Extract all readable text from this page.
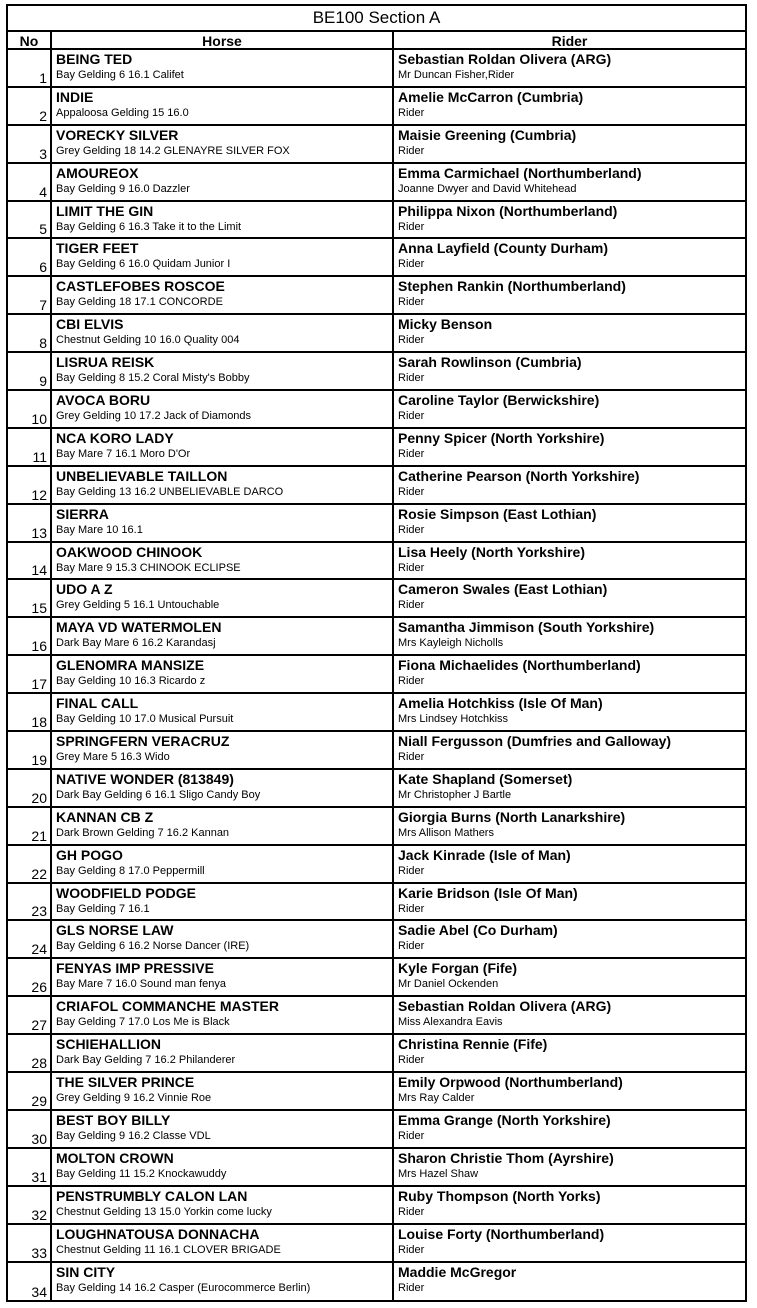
BE100 Section A
No	Horse	Rider
1
BEING TED
Bay Gelding 6 16.1 Califet
Sebastian Roldan Olivera (ARG)
Mr Duncan Fisher,Rider
2
INDIE
Appaloosa Gelding 15 16.0
Amelie McCarron (Cumbria)
Rider
3
VORECKY SILVER
Grey Gelding 18 14.2 GLENAYRE SILVER FOX
Maisie Greening (Cumbria)
Rider
4
AMOUREOX
Bay Gelding 9 16.0 Dazzler
Emma Carmichael (Northumberland)
Joanne Dwyer and David Whitehead
5
LIMIT THE GIN
Bay Gelding 6 16.3 Take it to the Limit
Philippa Nixon (Northumberland)
Rider
6
TIGER FEET
Bay Gelding 6 16.0 Quidam Junior I
Anna Layfield (County Durham)
Rider
7
CASTLEFOBES ROSCOE
Bay Gelding 18 17.1 CONCORDE
Stephen Rankin (Northumberland)
Rider
8
CBI ELVIS
Chestnut Gelding 10 16.0 Quality 004
Micky Benson
Rider
9
LISRUA REISK
Bay Gelding 8 15.2 Coral Misty's Bobby
Sarah Rowlinson (Cumbria)
Rider
10
AVOCA BORU
Grey Gelding 10 17.2 Jack of Diamonds
Caroline Taylor (Berwickshire)
Rider
11
NCA KORO LADY
Bay Mare 7 16.1 Moro D'Or
Penny Spicer (North Yorkshire)
Rider
12
UNBELIEVABLE TAILLON
Bay Gelding 13 16.2 UNBELIEVABLE DARCO
Catherine Pearson (North Yorkshire)
Rider
13
SIERRA
Bay Mare 10 16.1
Rosie Simpson (East Lothian)
Rider
14
OAKWOOD CHINOOK
Bay Mare 9 15.3 CHINOOK ECLIPSE
Lisa Heely (North Yorkshire)
Rider
15
UDO A Z
Grey Gelding 5 16.1 Untouchable
Cameron Swales (East Lothian)
Rider
16
MAYA VD WATERMOLEN
Dark Bay Mare 6 16.2 Karandasj
Samantha Jimmison (South Yorkshire)
Mrs Kayleigh Nicholls
17
GLENOMRA MANSIZE
Bay Gelding 10 16.3 Ricardo z
Fiona Michaelides (Northumberland)
Rider
18
FINAL CALL
Bay Gelding 10 17.0 Musical Pursuit
Amelia Hotchkiss (Isle Of Man)
Mrs Lindsey Hotchkiss
19
SPRINGFERN VERACRUZ
Grey Mare 5 16.3 Wido
Niall Fergusson (Dumfries and Galloway)
Rider
20
NATIVE WONDER (813849)
Dark Bay Gelding 6 16.1 Sligo Candy Boy
Kate Shapland (Somerset)
Mr Christopher J Bartle
21
KANNAN CB Z
Dark Brown Gelding 7 16.2 Kannan
Giorgia Burns (North Lanarkshire)
Mrs Allison Mathers
22
GH POGO
Bay Gelding 8 17.0 Peppermill
Jack Kinrade (Isle of Man)
Rider
23
WOODFIELD PODGE
Bay Gelding 7 16.1
Karie Bridson (Isle Of Man)
Rider
24
GLS NORSE LAW
Bay Gelding 6 16.2 Norse Dancer (IRE)
Sadie Abel (Co Durham)
Rider
26
FENYAS IMP PRESSIVE
Bay Mare 7 16.0 Sound man fenya
Kyle Forgan (Fife)
Mr Daniel Ockenden
27
CRIAFOL COMMANCHE MASTER
Bay Gelding 7 17.0 Los Me is Black
Sebastian Roldan Olivera (ARG)
Miss Alexandra Eavis
28
SCHIEHALLION
Dark Bay Gelding 7 16.2 Philanderer
Christina Rennie (Fife)
Rider
29
THE SILVER PRINCE
Grey Gelding 9 16.2 Vinnie Roe
Emily Orpwood (Northumberland)
Mrs Ray Calder
30
BEST BOY BILLY
Bay Gelding 9 16.2 Classe VDL
Emma Grange (North Yorkshire)
Rider
31
MOLTON CROWN
Bay Gelding 11 15.2 Knockawuddy
Sharon Christie Thom (Ayrshire)
Mrs Hazel Shaw
32
PENSTRUMBLY CALON LAN
Chestnut Gelding 13 15.0 Yorkin come lucky
Ruby Thompson (North Yorks)
Rider
33
LOUGHNATOUSA DONNACHA
Chestnut Gelding 11 16.1 CLOVER BRIGADE
Louise Forty (Northumberland)
Rider
34
SIN CITY
Bay Gelding 14 16.2 Casper (Eurocommerce Berlin)
Maddie McGregor
Rider
